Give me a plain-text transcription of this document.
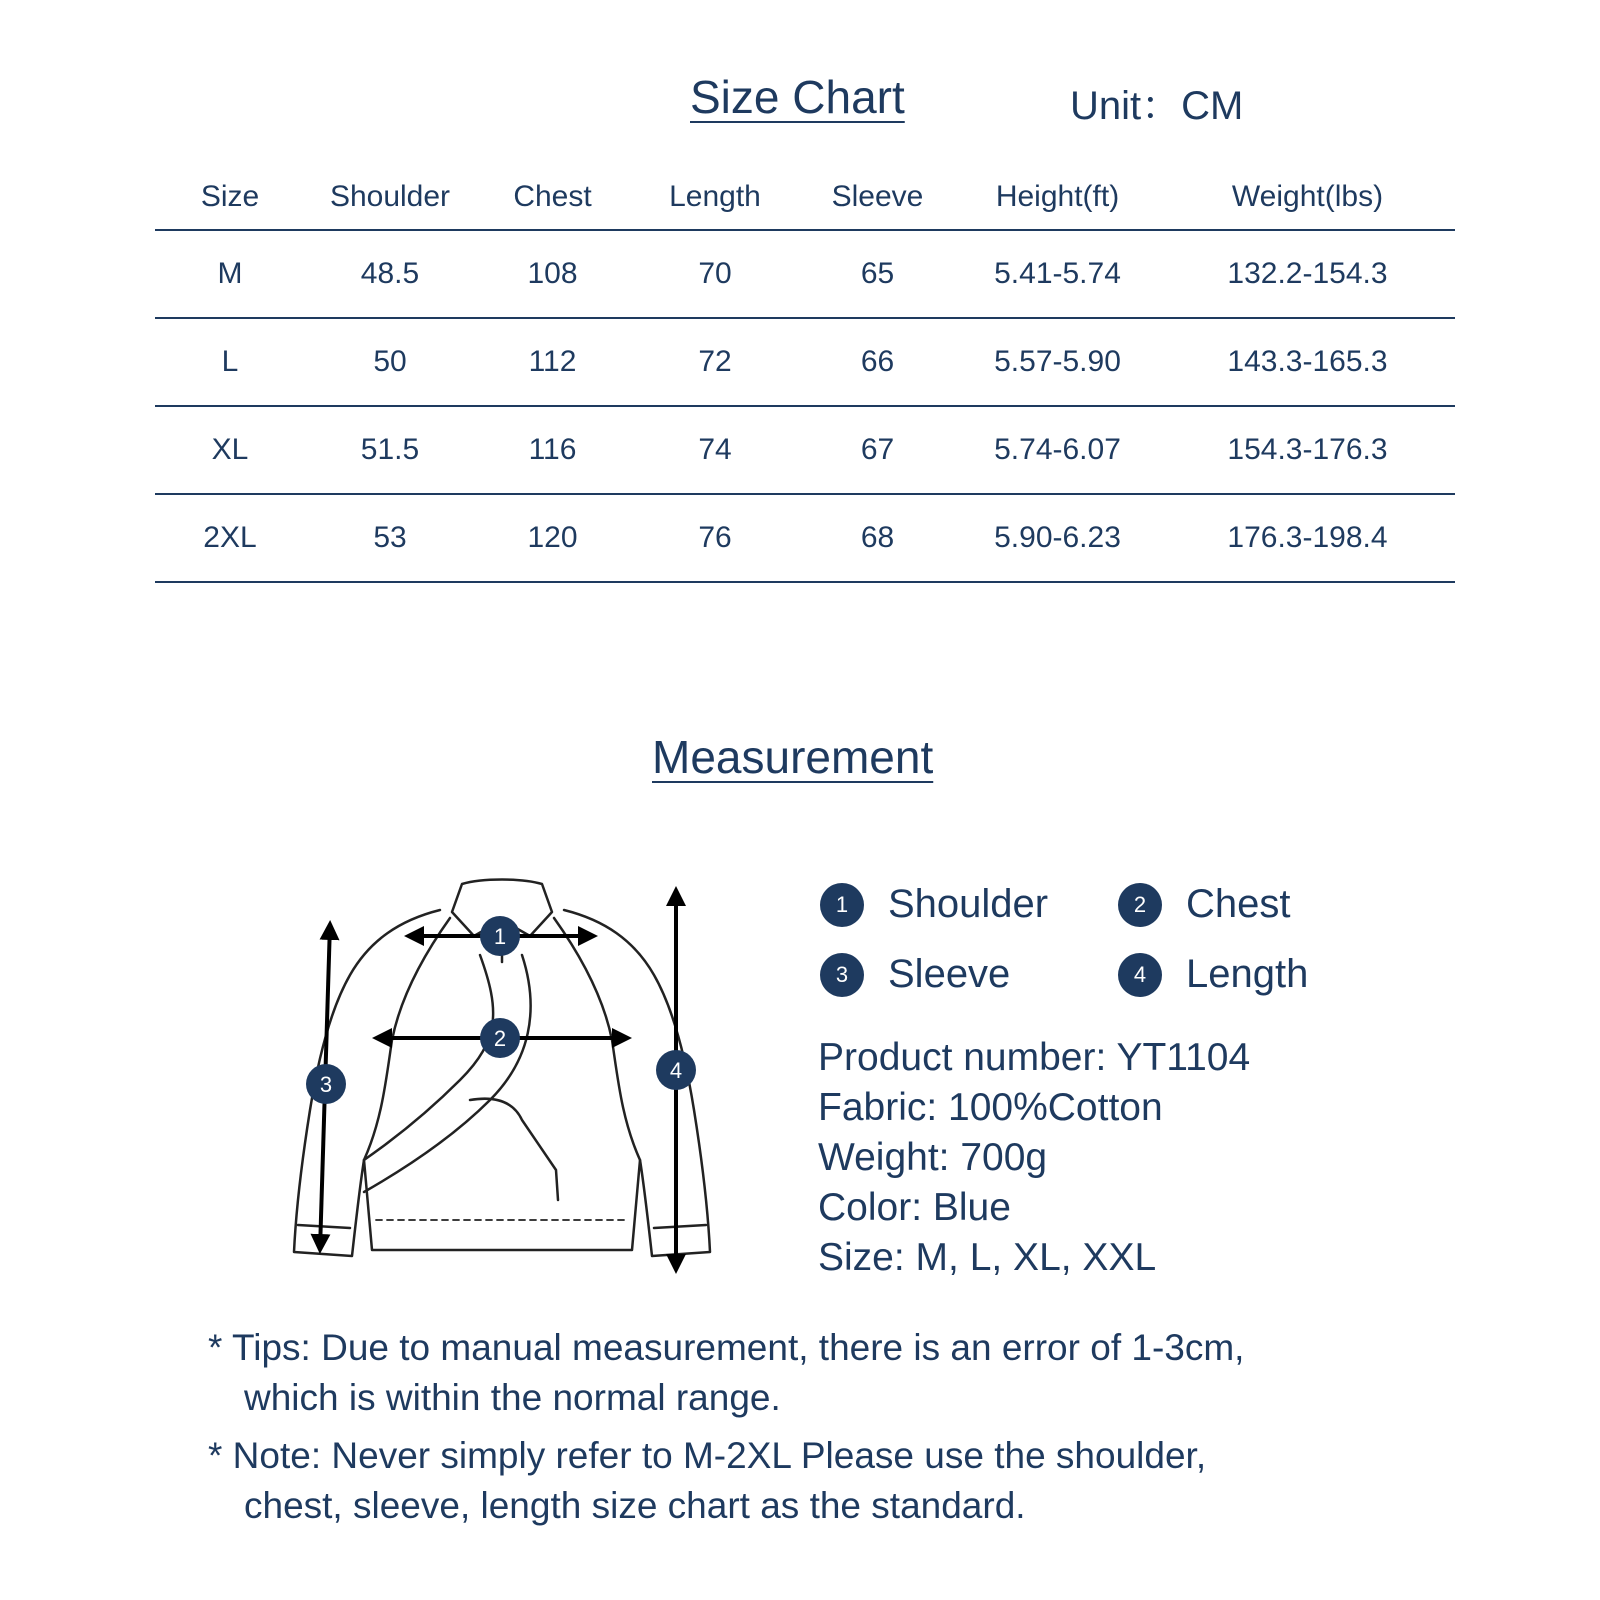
Size Chart	Unit：CM
Size	Shoulder	Chest	Length	Sleeve	Height(ft)	Weight(lbs)
M	48.5	108	70	65	5.41-5.74	132.2-154.3
L	50	112	72	66	5.57-5.90	143.3-165.3
XL	51.5	116	74	67	5.74-6.07	154.3-176.3
2XL	53	120	76	68	5.90-6.23	176.3-198.4
Measurement
1
2
3
4
1 Shoulder	2 Chest
3 Sleeve	4 Length
Product number: YT1104
Fabric: 100%Cotton
Weight: 700g
Color: Blue
Size: M, L, XL, XXL
* Tips: Due to manual measurement, there is an error of 1-3cm,
which is within the normal range.
* Note: Never simply refer to M-2XL Please use the shoulder,
chest, sleeve, length size chart as the standard.
